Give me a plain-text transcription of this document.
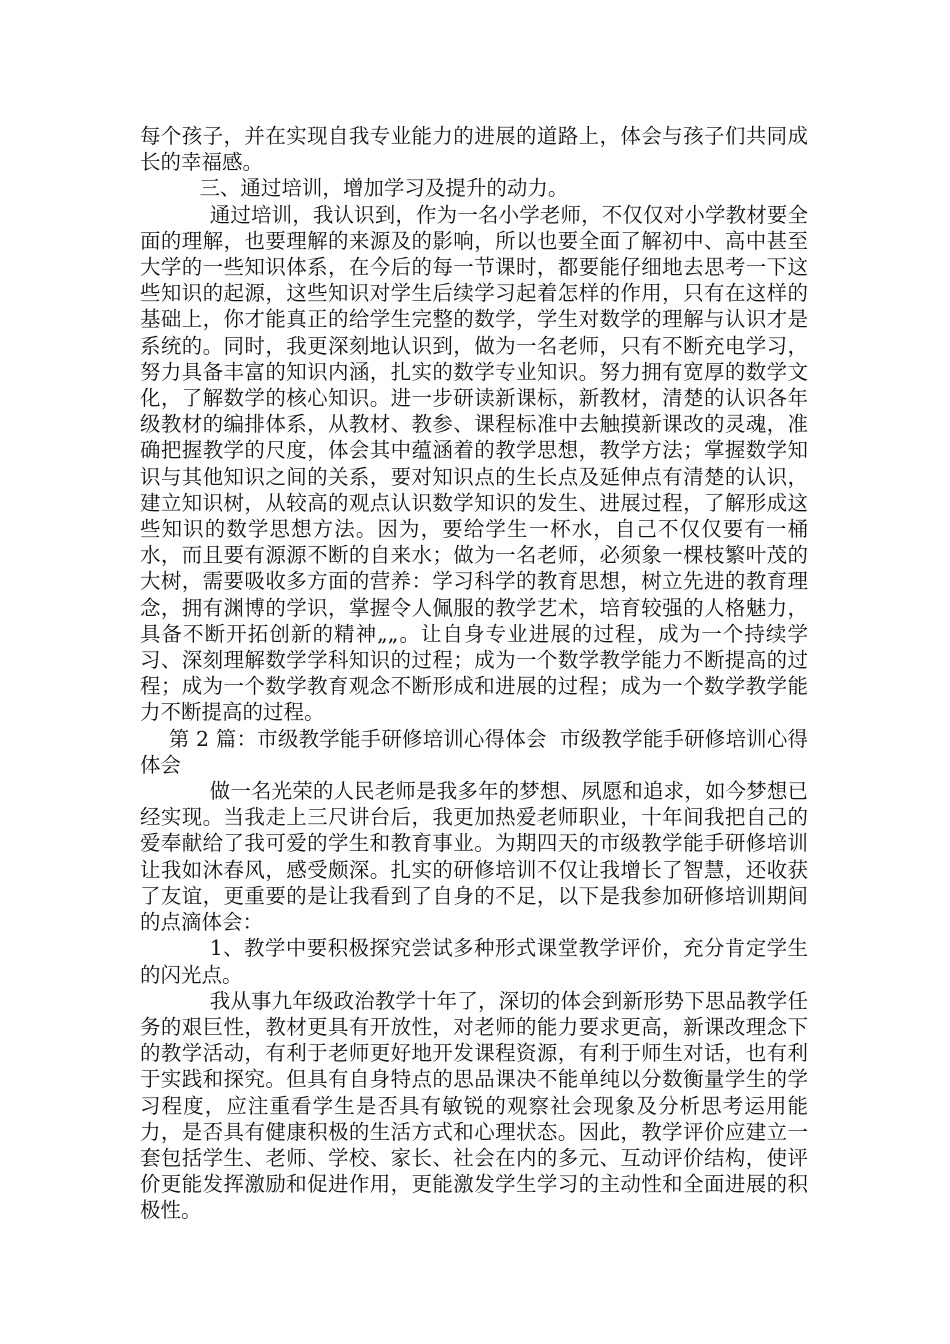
每个孩子，并在实现自我专业能力的进展的道路上，体会与孩子们共同成长的幸福感。

三、通过培训，增加学习及提升的动力。

通过培训，我认识到，作为一名小学老师，不仅仅对小学教材要全面的理解，也要理解的来源及的影响，所以也要全面了解初中、高中甚至大学的一些知识体系，在今后的每一节课时，都要能仔细地去思考一下这些知识的起源，这些知识对学生后续学习起着怎样的作用，只有在这样的基础上，你才能真正的给学生完整的数学，学生对数学的理解与认识才是系统的。同时，我更深刻地认识到，做为一名老师，只有不断充电学习，努力具备丰富的知识内涵，扎实的数学专业知识。努力拥有宽厚的数学文化，了解数学的核心知识。进一步研读新课标，新教材，清楚的认识各年级教材的编排体系，从教材、教参、课程标准中去触摸新课改的灵魂，准确把握教学的尺度，体会其中蕴涵着的教学思想，教学方法；掌握数学知识与其他知识之间的关系，要对知识点的生长点及延伸点有清楚的认识，建立知识树，从较高的观点认识数学知识的发生、进展过程，了解形成这些知识的数学思想方法。因为，要给学生一杯水，自己不仅仅要有一桶水，而且要有源源不断的自来水；做为一名老师，必须象一棵枝繁叶茂的大树，需要吸收多方面的营养：学习科学的教育思想，树立先进的教育理念，拥有渊博的学识，掌握令人佩服的教学艺术，培育较强的人格魅力，具备不断开拓创新的精神„„。让自身专业进展的过程，成为一个持续学习、深刻理解数学学科知识的过程；成为一个数学教学能力不断提高的过程；成为一个数学教育观念不断形成和进展的过程；成为一个数学教学能力不断提高的过程。

第 2 篇：市级教学能手研修培训心得体会  市级教学能手研修培训心得体会

做一名光荣的人民老师是我多年的梦想、夙愿和追求，如今梦想已经实现。当我走上三尺讲台后，我更加热爱老师职业，十年间我把自己的爱奉献给了我可爱的学生和教育事业。为期四天的市级教学能手研修培训让我如沐春风，感受颇深。扎实的研修培训不仅让我增长了智慧，还收获了友谊，更重要的是让我看到了自身的不足，以下是我参加研修培训期间的点滴体会：

1、教学中要积极探究尝试多种形式课堂教学评价，充分肯定学生的闪光点。

我从事九年级政治教学十年了，深切的体会到新形势下思品教学任务的艰巨性，教材更具有开放性，对老师的能力要求更高，新课改理念下的教学活动，有利于老师更好地开发课程资源，有利于师生对话，也有利于实践和探究。但具有自身特点的思品课决不能单纯以分数衡量学生的学习程度，应注重看学生是否具有敏锐的观察社会现象及分析思考运用能力，是否具有健康积极的生活方式和心理状态。因此，教学评价应建立一套包括学生、老师、学校、家长、社会在内的多元、互动评价结构，使评价更能发挥激励和促进作用，更能激发学生学习的主动性和全面进展的积极性。
